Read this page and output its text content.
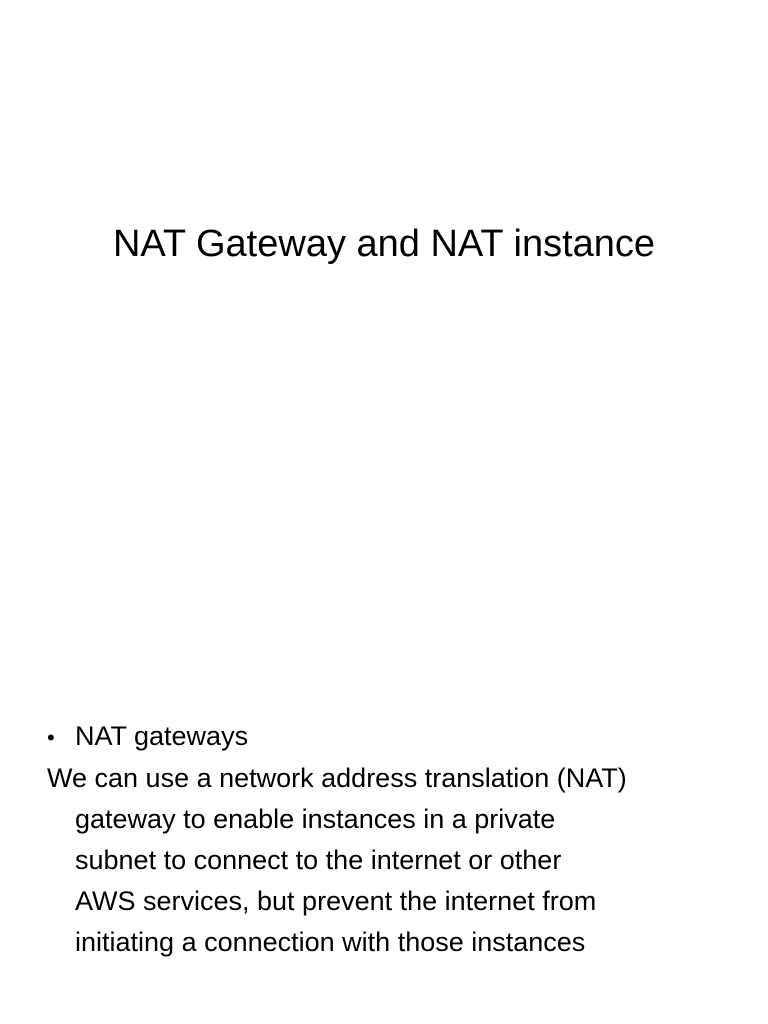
NAT Gateway and NAT instance
• NAT gateways

We can use a network address translation (NAT)
gateway to enable instances in a private
subnet to connect to the internet or other
AWS services, but prevent the internet from
initiating a connection with those instances
